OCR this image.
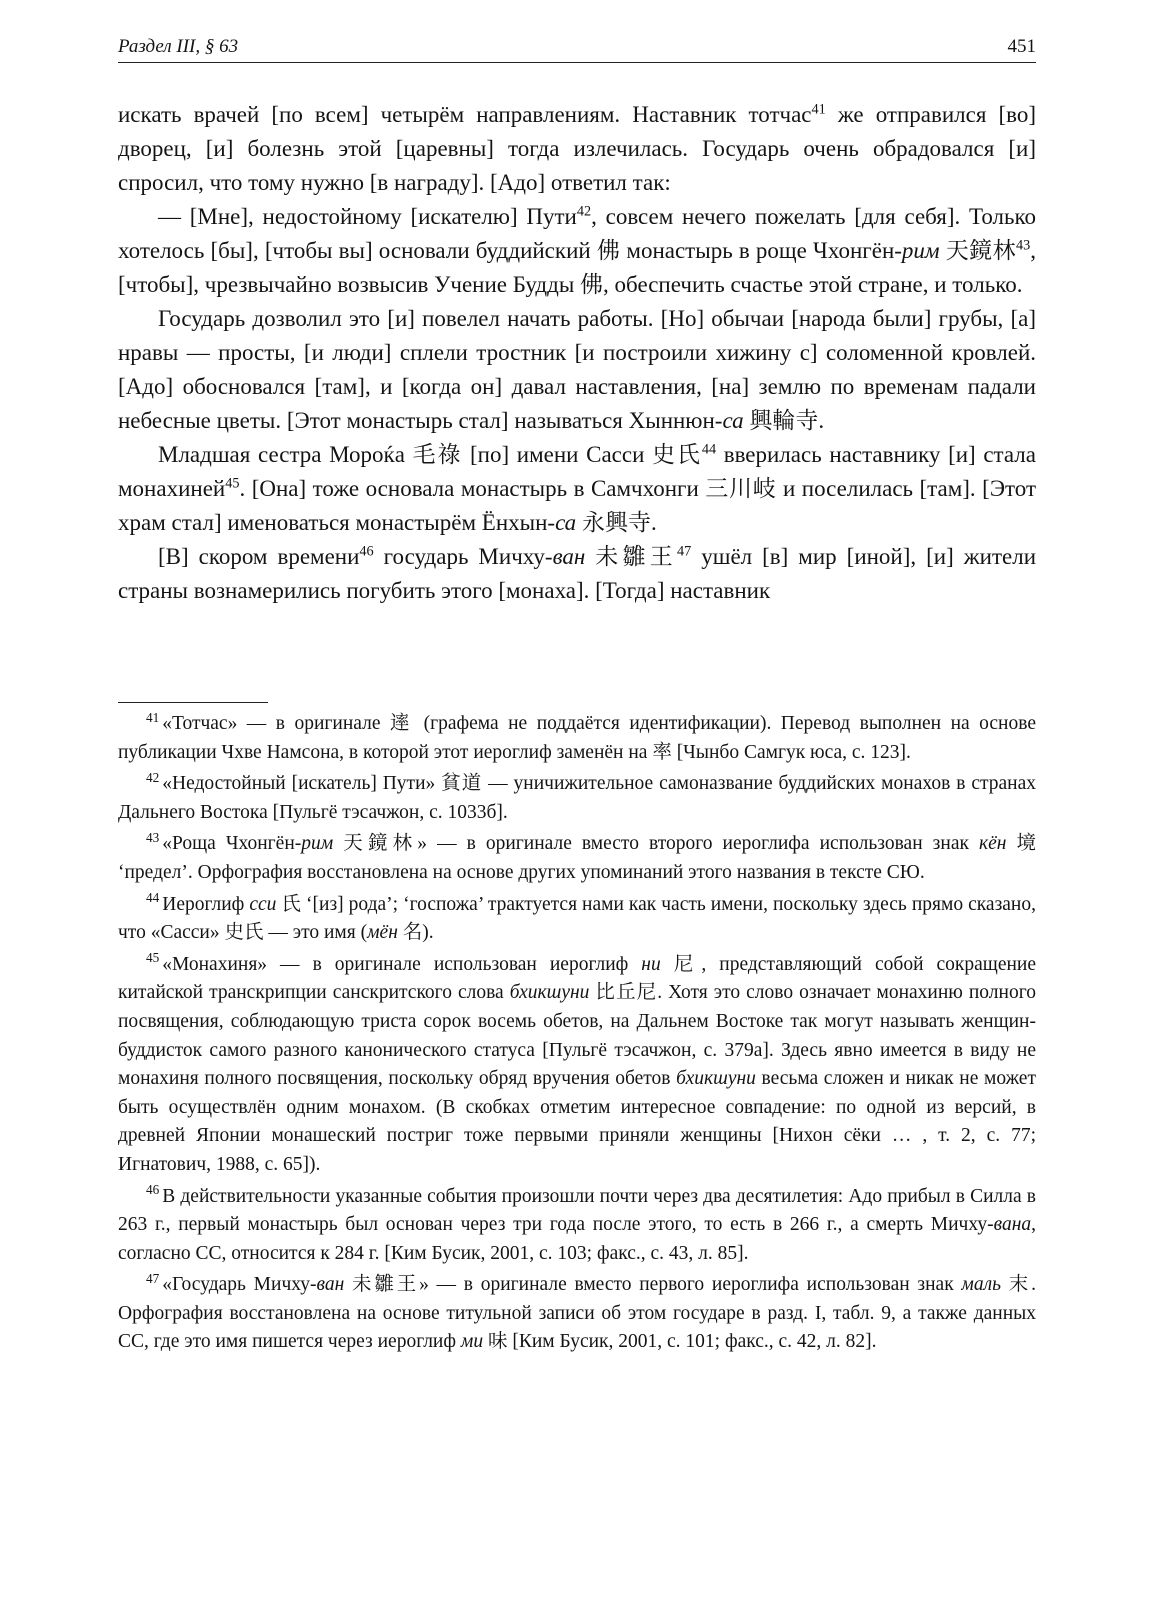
Раздел III, § 63	451

искать врачей [по всем] четырём направлениям. Наставник тотчас$^{41}$ же отправился [во] дворец, [и] болезнь этой [царевны] тогда излечилась. Государь очень обрадовался [и] спросил, что тому нужно [в награду]. [Адо] ответил так:

— [Мне], недостойному [искателю] Пути$^{42}$, совсем нечего пожелать [для себя]. Только хотелось [бы], [чтобы вы] основали буддийский 佛 монастырь в роще Чхонгён-рим 天鏡林$^{43}$, [чтобы], чрезвычайно возвысив Учение Будды 佛, обеспечить счастье этой стране, и только.

Государь дозволил это [и] повелел начать работы. [Но] обычаи [народа были] грубы, [а] нравы — просты, [и люди] сплели тростник [и построили хижину с] соломенной кровлей. [Адо] обосновался [там], и [когда он] давал наставления, [на] землю по временам падали небесные цветы. [Этот монастырь стал] называться Хыннюн-са 興輪寺.

Младшая сестра Мороќа 毛祿 [по] имени Сасси 史氏$^{44}$ вверилась наставнику [и] стала монахиней$^{45}$. [Она] тоже основала монастырь в Самчхонги 三川岐 и поселилась [там]. [Этот храм стал] именоваться монастырём Ёнхын-са 永興寺.

[В] скором времени$^{46}$ государь Мичху-ван 未雛王$^{47}$ ушёл [в] мир [иной], [и] жители страны вознамерились погубить этого [монаха]. [Тогда] наставник

$^{41}$ «Тотчас» — в оригинале 䢦 (графема не поддаётся идентификации). Перевод выполнен на основе публикации Чхве Намсона, в которой этот иероглиф заменён на 率 [Чынбо Самгук юса, с. 123].

$^{42}$ «Недостойный [искатель] Пути» 貧道 — уничижительное самоназвание буддийских монахов в странах Дальнего Востока [Пульгё тэсачжон, с. 1033б].

$^{43}$ «Роща Чхонгён-рим 天鏡林» — в оригинале вместо второго иероглифа использован знак кён 境 ‘предел’. Орфография восстановлена на основе других упоминаний этого названия в тексте СЮ.

$^{44}$ Иероглиф сси 氏 ‘[из] рода’; ‘госпожа’ трактуется нами как часть имени, поскольку здесь прямо сказано, что «Сасси» 史氏 — это имя (мён 名).

$^{45}$ «Монахиня» — в оригинале использован иероглиф ни 尼, представляющий собой сокращение китайской транскрипции санскритского слова бхикшуни 比丘尼. Хотя это слово означает монахиню полного посвящения, соблюдающую триста сорок восемь обетов, на Дальнем Востоке так могут называть женщин-буддисток самого разного канонического статуса [Пульгё тэсачжон, с. 379а]. Здесь явно имеется в виду не монахиня полного посвящения, поскольку обряд вручения обетов бхикшуни весьма сложен и никак не может быть осуществлён одним монахом. (В скобках отметим интересное совпадение: по одной из версий, в древней Японии монашеский постриг тоже первыми приняли женщины [Нихон сёки … , т. 2, с. 77; Игнатович, 1988, с. 65]).

$^{46}$ В действительности указанные события произошли почти через два десятилетия: Адо прибыл в Силла в 263 г., первый монастырь был основан через три года после этого, то есть в 266 г., а смерть Мичху-вана, согласно СС, относится к 284 г. [Ким Бусик, 2001, с. 103; факс., с. 43, л. 85].

$^{47}$ «Государь Мичху-ван 未雛王» — в оригинале вместо первого иероглифа использован знак маль 末. Орфография восстановлена на основе титульной записи об этом государе в разд. I, табл. 9, а также данных СС, где это имя пишется через иероглиф ми 味 [Ким Бусик, 2001, с. 101; факс., с. 42, л. 82].
